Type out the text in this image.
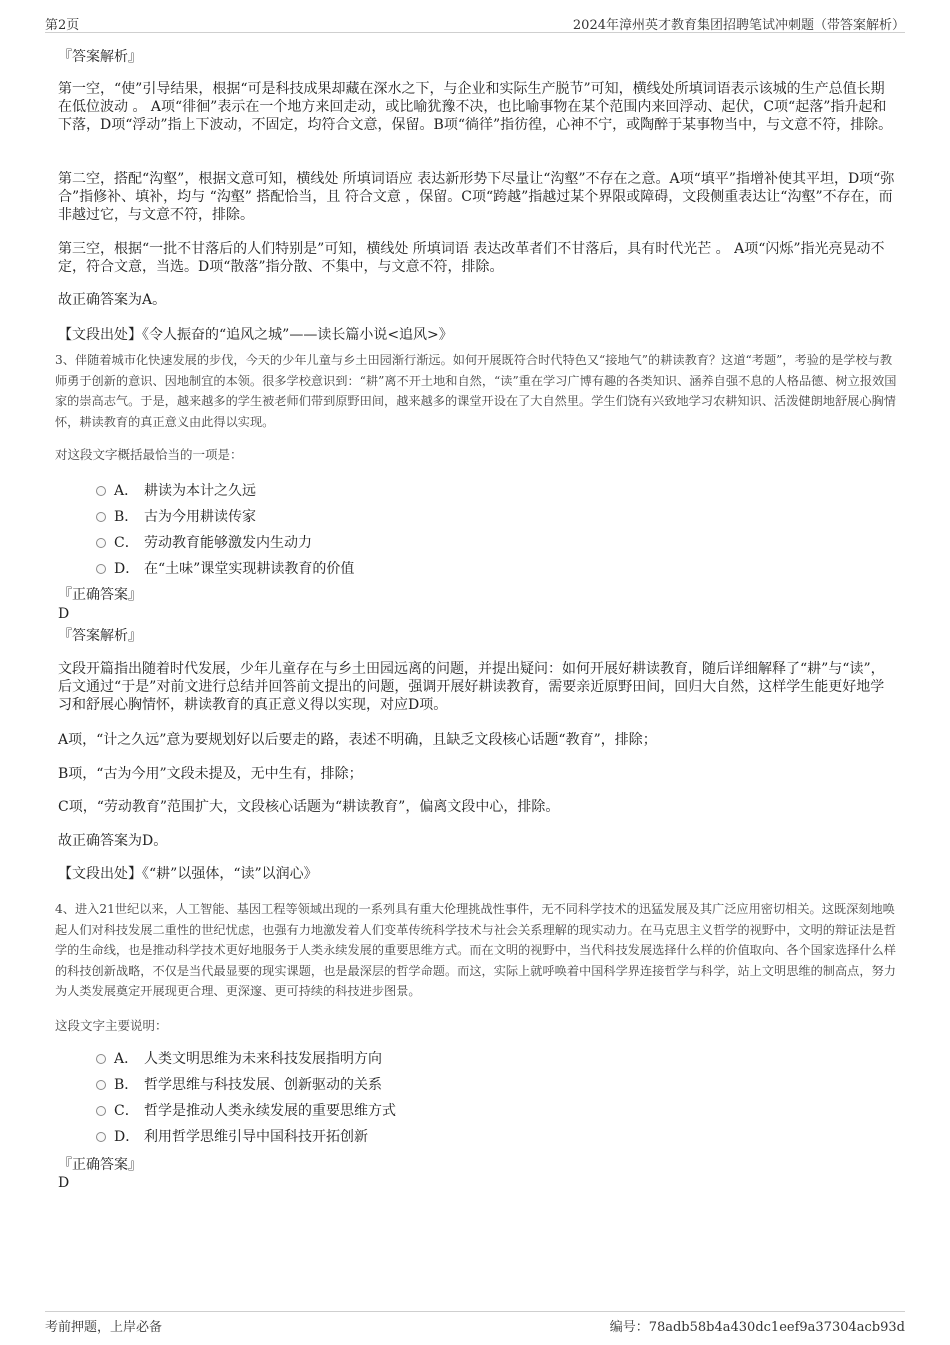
第2页	2024年漳州英才教育集团招聘笔试冲刺题（带答案解析）

『答案解析』

第一空，“使”引导结果，根据“可是科技成果却藏在深水之下，与企业和实际生产脱节”可知，横线处所填词语表示该城的生产总值长期在低位波动 。 A项“徘徊”表示在一个地方来回走动，或比喻犹豫不决，也比喻事物在某个范围内来回浮动、起伏，C项“起落”指升起和下落，D项“浮动”指上下波动，不固定，均符合文意，保留。B项“徜徉”指彷徨，心神不宁，或陶醉于某事物当中，与文意不符，排除。

第二空，搭配“沟壑”，根据文意可知，横线处 所填词语应 表达新形势下尽量让“沟壑”不存在之意。A项“填平”指增补使其平坦，D项“弥合”指修补、填补，均与 “沟壑” 搭配恰当，且 符合文意 ，保留。C项“跨越”指越过某个界限或障碍，文段侧重表达让“沟壑”不存在，而非越过它，与文意不符，排除。

第三空，根据“一批不甘落后的人们特别是”可知，横线处 所填词语 表达改革者们不甘落后，具有时代光芒 。 A项“闪烁”指光亮晃动不定，符合文意，当选。D项“散落”指分散、不集中，与文意不符，排除。

故正确答案为A。

【文段出处】《令人振奋的“追风之城”——读长篇小说<追风>》

3、伴随着城市化快速发展的步伐，今天的少年儿童与乡土田园渐行渐远。如何开展既符合时代特色又“接地气”的耕读教育？这道“考题”，考验的是学校与教师勇于创新的意识、因地制宜的本领。很多学校意识到：“耕”离不开土地和自然，“读”重在学习广博有趣的各类知识、涵养自强不息的人格品德、树立报效国家的崇高志气。于是，越来越多的学生被老师们带到原野田间，越来越多的课堂开设在了大自然里。学生们饶有兴致地学习农耕知识、活泼健朗地舒展心胸情怀，耕读教育的真正意义由此得以实现。

对这段文字概括最恰当的一项是：

A． 耕读为本计之久远
B． 古为今用耕读传家
C． 劳动教育能够激发内生动力
D． 在“土味”课堂实现耕读教育的价值

『正确答案』

D

『答案解析』

文段开篇指出随着时代发展，少年儿童存在与乡土田园远离的问题，并提出疑问：如何开展好耕读教育，随后详细解释了“耕”与“读”，后文通过“于是”对前文进行总结并回答前文提出的问题，强调开展好耕读教育，需要亲近原野田间，回归大自然，这样学生能更好地学习和舒展心胸情怀，耕读教育的真正意义得以实现，对应D项。

A项，“计之久远”意为要规划好以后要走的路，表述不明确，且缺乏文段核心话题“教育”，排除；

B项，“古为今用”文段未提及，无中生有，排除；

C项，“劳动教育”范围扩大，文段核心话题为“耕读教育”，偏离文段中心，排除。

故正确答案为D。

【文段出处】《“耕”以强体，“读”以润心》

4、进入21世纪以来，人工智能、基因工程等领域出现的一系列具有重大伦理挑战性事件，无不同科学技术的迅猛发展及其广泛应用密切相关。这既深刻地唤起人们对科技发展二重性的世纪忧虑，也强有力地激发着人们变革传统科学技术与社会关系理解的现实动力。在马克思主义哲学的视野中，文明的辩证法是哲学的生命线，也是推动科学技术更好地服务于人类永续发展的重要思维方式。而在文明的视野中，当代科技发展选择什么样的价值取向、各个国家选择什么样的科技创新战略，不仅是当代最显要的现实课题，也是最深层的哲学命题。而这，实际上就呼唤着中国科学界连接哲学与科学，站上文明思维的制高点，努力为人类发展奠定开展现更合理、更深邃、更可持续的科技进步图景。

这段文字主要说明：

A． 人类文明思维为未来科技发展指明方向
B． 哲学思维与科技发展、创新驱动的关系
C． 哲学是推动人类永续发展的重要思维方式
D． 利用哲学思维引导中国科技开拓创新

『正确答案』

D

考前押题，上岸必备	编号：78adb58b4a430dc1eef9a37304acb93d
